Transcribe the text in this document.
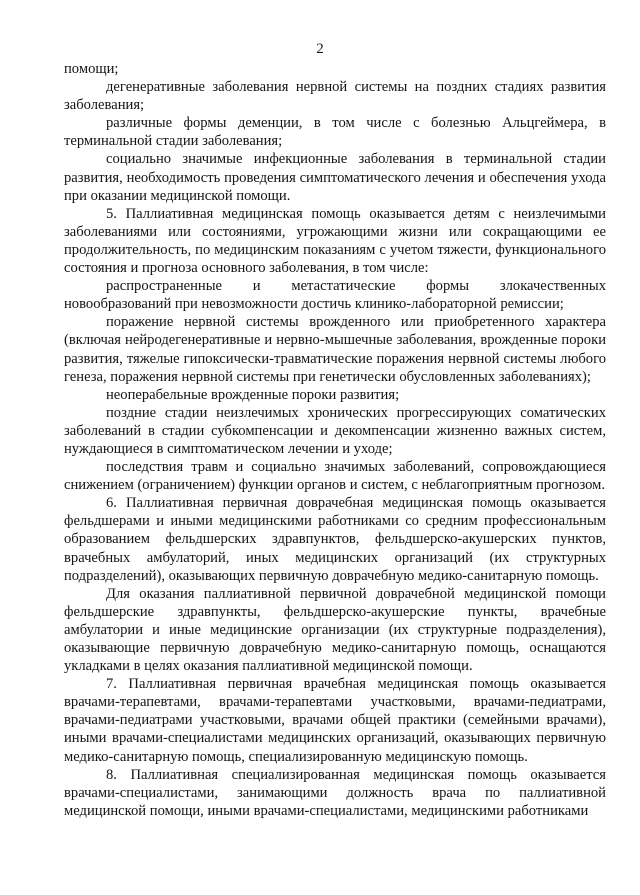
2

помощи;

дегенеративные заболевания нервной системы на поздних стадиях развития заболевания;

различные формы деменции, в том числе с болезнью Альцгеймера, в терминальной стадии заболевания;

социально значимые инфекционные заболевания в терминальной стадии развития, необходимость проведения симптоматического лечения и обеспечения ухода при оказании медицинской помощи.

5. Паллиативная медицинская помощь оказывается детям с неизлечимыми заболеваниями или состояниями, угрожающими жизни или сокращающими ее продолжительность, по медицинским показаниям с учетом тяжести, функционального состояния и прогноза основного заболевания, в том числе:

распространенные и метастатические формы злокачественных новообразований при невозможности достичь клинико-лабораторной ремиссии;

поражение нервной системы врожденного или приобретенного характера (включая нейродегенеративные и нервно-мышечные заболевания, врожденные пороки развития, тяжелые гипоксически-травматические поражения нервной системы любого генеза, поражения нервной системы при генетически обусловленных заболеваниях);

неоперабельные врожденные пороки развития;

поздние стадии неизлечимых хронических прогрессирующих соматических заболеваний в стадии субкомпенсации и декомпенсации жизненно важных систем, нуждающиеся в симптоматическом лечении и уходе;

последствия травм и социально значимых заболеваний, сопровождающиеся снижением (ограничением) функции органов и систем, с неблагоприятным прогнозом.

6. Паллиативная первичная доврачебная медицинская помощь оказывается фельдшерами и иными медицинскими работниками со средним профессиональным образованием фельдшерских здравпунктов, фельдшерско-акушерских пунктов, врачебных амбулаторий, иных медицинских организаций (их структурных подразделений), оказывающих первичную доврачебную медико-санитарную помощь.

Для оказания паллиативной первичной доврачебной медицинской помощи фельдшерские здравпункты, фельдшерско-акушерские пункты, врачебные амбулатории и иные медицинские организации (их структурные подразделения), оказывающие первичную доврачебную медико-санитарную помощь, оснащаются укладками в целях оказания паллиативной медицинской помощи.

7. Паллиативная первичная врачебная медицинская помощь оказывается врачами-терапевтами, врачами-терапевтами участковыми, врачами-педиатрами, врачами-педиатрами участковыми, врачами общей практики (семейными врачами), иными врачами-специалистами медицинских организаций, оказывающих первичную медико-санитарную помощь, специализированную медицинскую помощь.

8. Паллиативная специализированная медицинская помощь оказывается врачами-специалистами, занимающими должность врача по паллиативной медицинской помощи, иными врачами-специалистами, медицинскими работниками
